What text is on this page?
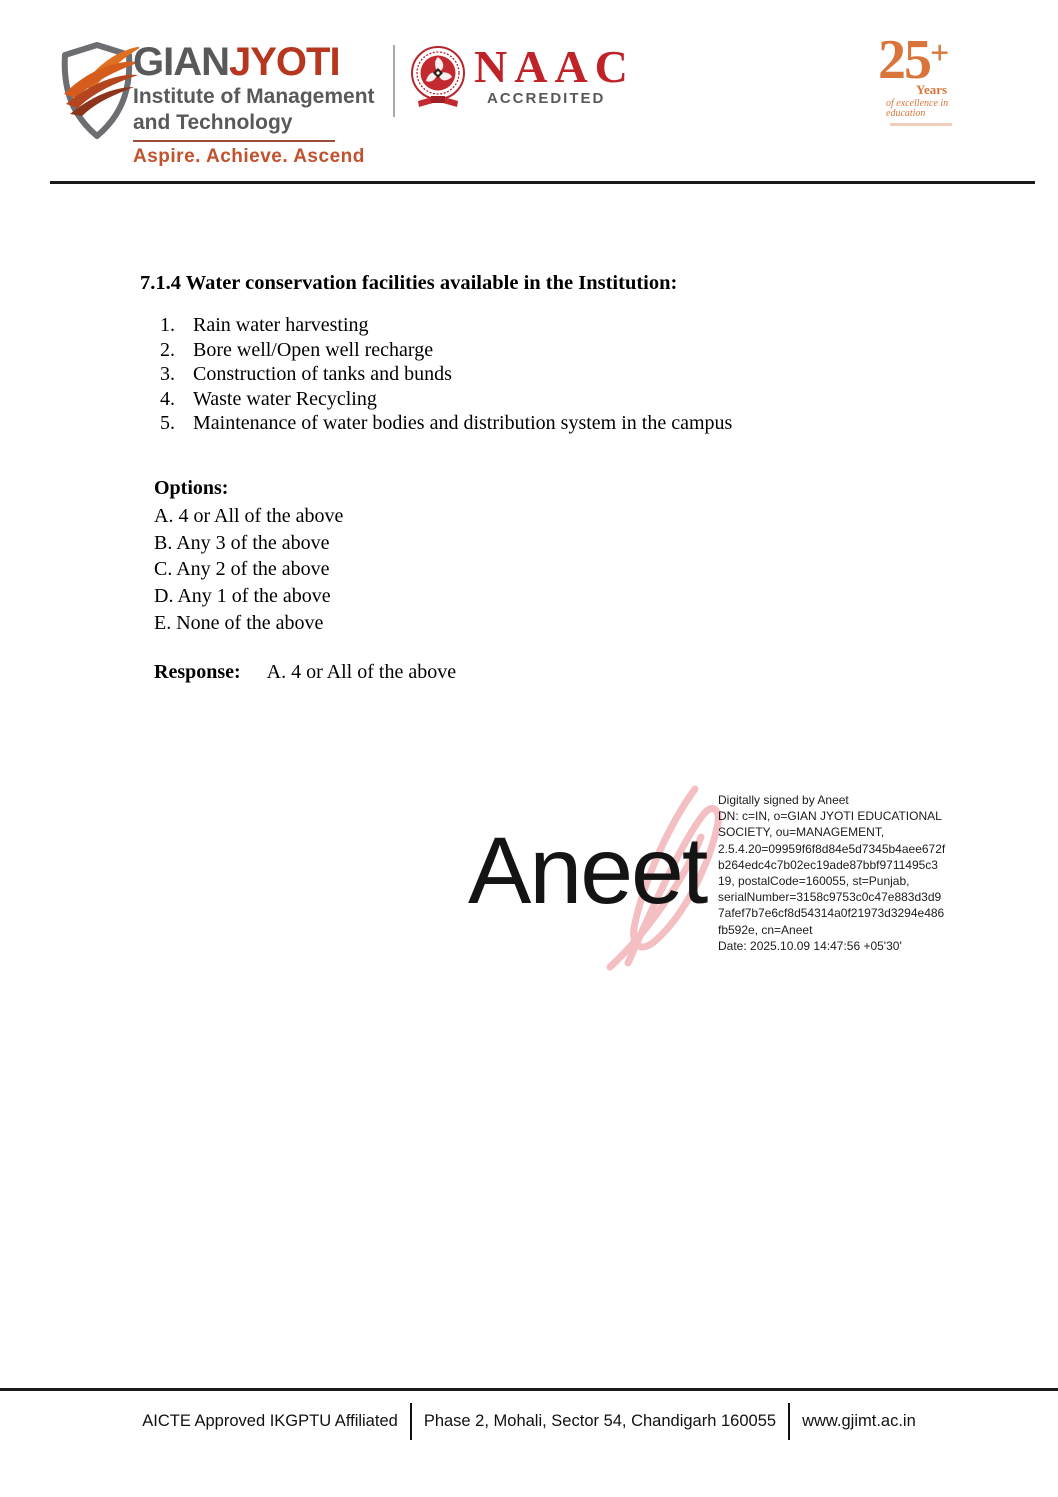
GIANJYOTI
Institute of Management
and Technology
Aspire. Achieve. Ascend
NAAC
ACCREDITED
25+
Years
of excellence in education
7.1.4 Water conservation facilities available in the Institution:
1. Rain water harvesting
2. Bore well/Open well recharge
3. Construction of tanks and bunds
4. Waste water Recycling
5. Maintenance of water bodies and distribution system in the campus
Options:
A. 4 or All of the above
B. Any 3 of the above
C. Any 2 of the above
D. Any 1 of the above
E. None of the above
Response: A. 4 or All of the above
Aneet
Digitally signed by Aneet
DN: c=IN, o=GIAN JYOTI EDUCATIONAL
SOCIETY, ou=MANAGEMENT,
2.5.4.20=09959f6f8d84e5d7345b4aee672f
b264edc4c7b02ec19ade87bbf9711495c3
19, postalCode=160055, st=Punjab,
serialNumber=3158c9753c0c47e883d3d9
7afef7b7e6cf8d54314a0f21973d3294e486
fb592e, cn=Aneet
Date: 2025.10.09 14:47:56 +05'30'
AICTE Approved IKGPTU Affiliated Phase 2, Mohali, Sector 54, Chandigarh 160055 www.gjimt.ac.in
